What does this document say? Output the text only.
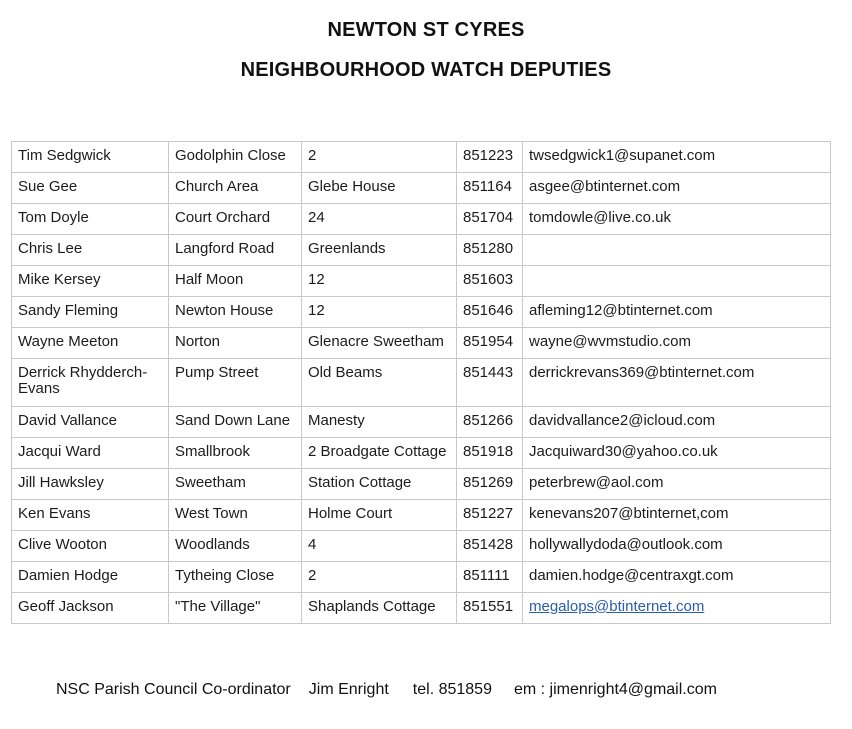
NEWTON ST CYRES
NEIGHBOURHOOD WATCH DEPUTIES
Tim Sedgwick	Godolphin Close	2	851223	twsedgwick1@supanet.com
Sue Gee	Church Area	Glebe House	851164	asgee@btinternet.com
Tom Doyle	Court Orchard	24	851704	tomdowle@live.co.uk
Chris Lee	Langford Road	Greenlands	851280	
Mike Kersey	Half Moon	12	851603	
Sandy Fleming	Newton House	12	851646	afleming12@btinternet.com
Wayne Meeton	Norton	Glenacre Sweetham	851954	wayne@wvmstudio.com
Derrick Rhydderch-Evans	Pump Street	Old Beams	851443	derrickrevans369@btinternet.com
David Vallance	Sand Down Lane	Manesty	851266	davidvallance2@icloud.com
Jacqui Ward	Smallbrook	2 Broadgate Cottage	851918	Jacquiward30@yahoo.co.uk
Jill Hawksley	Sweetham	Station Cottage	851269	peterbrew@aol.com
Ken Evans	West Town	Holme Court	851227	kenevans207@btinternet,com
Clive Wooton	Woodlands	4	851428	hollywallydoda@outlook.com
Damien Hodge	Tytheing Close	2	851111	damien.hodge@centraxgt.com
Geoff Jackson	"The Village"	Shaplands Cottage	851551	megalops@btinternet.com
NSC Parish Council Co-ordinator Jim Enright tel. 851859 em : jimenright4@gmail.com
